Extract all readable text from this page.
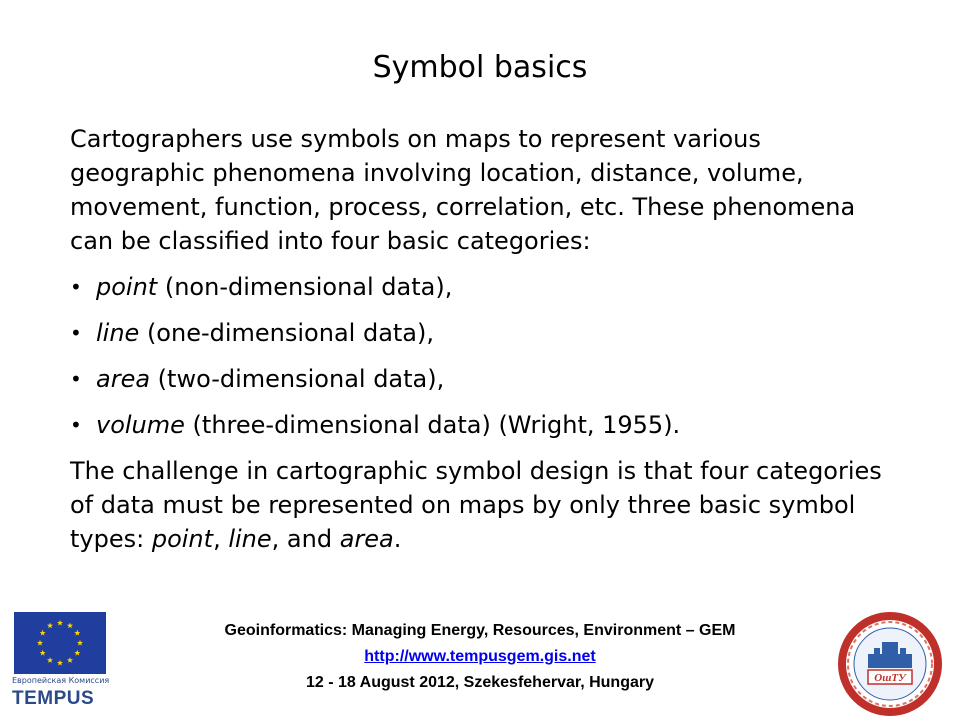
Symbol basics

Cartographers use symbols on maps to represent various geographic phenomena involving location, distance, volume, movement, function, process, correlation, etc. These phenomena can be classified into four basic categories:

• point (non-dimensional data),
• line (one-dimensional data),
• area (two-dimensional data),
• volume (three-dimensional data) (Wright, 1955).

The challenge in cartographic symbol design is that four categories of data must be represented on maps by only three basic symbol types: point, line, and area.

Европейская Комиссия
TEMPUS
Geoinformatics: Managing Energy, Resources, Environment – GEM
http://www.tempusgem.gis.net
12 - 18 August 2012, Szekesfehervar, Hungary	ОшТУ
